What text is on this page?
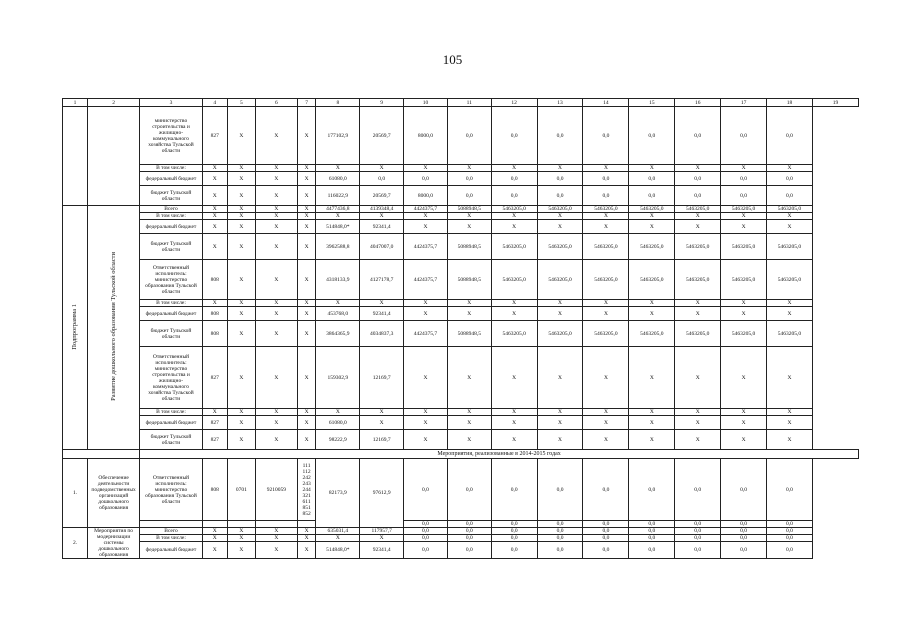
105
1	2	3	4	5	6	7	8	9	10	11	12	13	14	15	16	17	18	19
		министерство строительства и жилищно-коммунального хозяйства Тульской области	827	X	X	X	177102,9	20569,7	8000,0	0,0	0,0	0,0	0,0	0,0	0,0	0,0	0,0	
		В том числе:	X	X	X	X	X	X	X	X	X	X	X	X	X	X	X	
		федеральный бюджет	X	X	X	X	61080,0	0,0	0,0	0,0	0,0	0,0	0,0	0,0	0,0	0,0	0,0	
		бюджет Тульской области	X	X	X	X	116022,9	20569,7	8000,0	0,0	0,0	0,0	0,0	0,0	0,0	0,0	0,0	
Подпрограмма 1	Развитие дошкольного образования Тульской области	Всего	X	X	X	X	4477436,8	4139348,4	4424375,7	5088948,5	5463205,0	5463205,0	5463205,0	5463205,0	5463205,0	5463205,0	5463205,0	
		В том числе:	X	X	X	X	X	X	X	X	X	X	X	X	X	X	X	
		федеральный бюджет	X	X	X	X	514848,0*	92341,4	X	X	X	X	X	X	X	X	X	
		бюджет Тульской области	X	X	X	X	3962588,8	4047007,0	4424375,7	5088948,5	5463205,0	5463205,0	5463205,0	5463205,0	5463205,0	5463205,0	5463205,0	
		Ответственный исполнитель: министерство образования Тульской области	808	X	X	X	4318133,9	4127178,7	4424375,7	5088948,5	5463205,0	5463205,0	5463205,0	5463205,0	5463205,0	5463205,0	5463205,0	
		В том числе:	X	X	X	X	X	X	X	X	X	X	X	X	X	X	X	
		федеральный бюджет	808	X	X	X	453768,0	92341,4	X	X	X	X	X	X	X	X	X	
		бюджет Тульской области	808	X	X	X	3864365,9	4034837,3	4424375,7	5088948,5	5463205,0	5463205,0	5463205,0	5463205,0	5463205,0	5463205,0	5463205,0	
		Ответственный исполнитель: министерство строительства и жилищно-коммунального хозяйства Тульской области	827	X	X	X	159302,9	12169,7	X	X	X	X	X	X	X	X	X	
		В том числе:	X	X	X	X	X	X	X	X	X	X	X	X	X	X	X	
		федеральный бюджет	827	X	X	X	61080,0	X	X	X	X	X	X	X	X	X	X	
		бюджет Тульской области	827	X	X	X	98222,9	12169,7	X	X	X	X	X	X	X	X	X	
		Мероприятия, реализованные в 2014-2015 годах																
1.	Обеспечение деятельности подведомственных организаций дошкольного образования	Ответственный исполнитель: министерство образования Тульской области	808	0701	9210059	111 112 242 243 244 321 611 851 852	82173,9	97612,9	0,0	0,0	0,0	0,0	0,0	0,0	0,0	0,0	0,0	
									0,0	0,0	0,0	0,0	0,0	0,0	0,0	0,0	0,0	
2.	Мероприятия по модернизации системы дошкольного образования	Всего	X	X	X	X	635031,4	117957,7	0,0	0,0	0,0	0,0	0,0	0,0	0,0	0,0	0,0	
		В том числе:	X	X	X	X	X	X	0,0	0,0	0,0	0,0	0,0	0,0	0,0	0,0	0,0	
		федеральный бюджет	X	X	X	X	514848,0*	92341,4	0,0	0,0	0,0	0,0	0,0	0,0	0,0	0,0	0,0	
